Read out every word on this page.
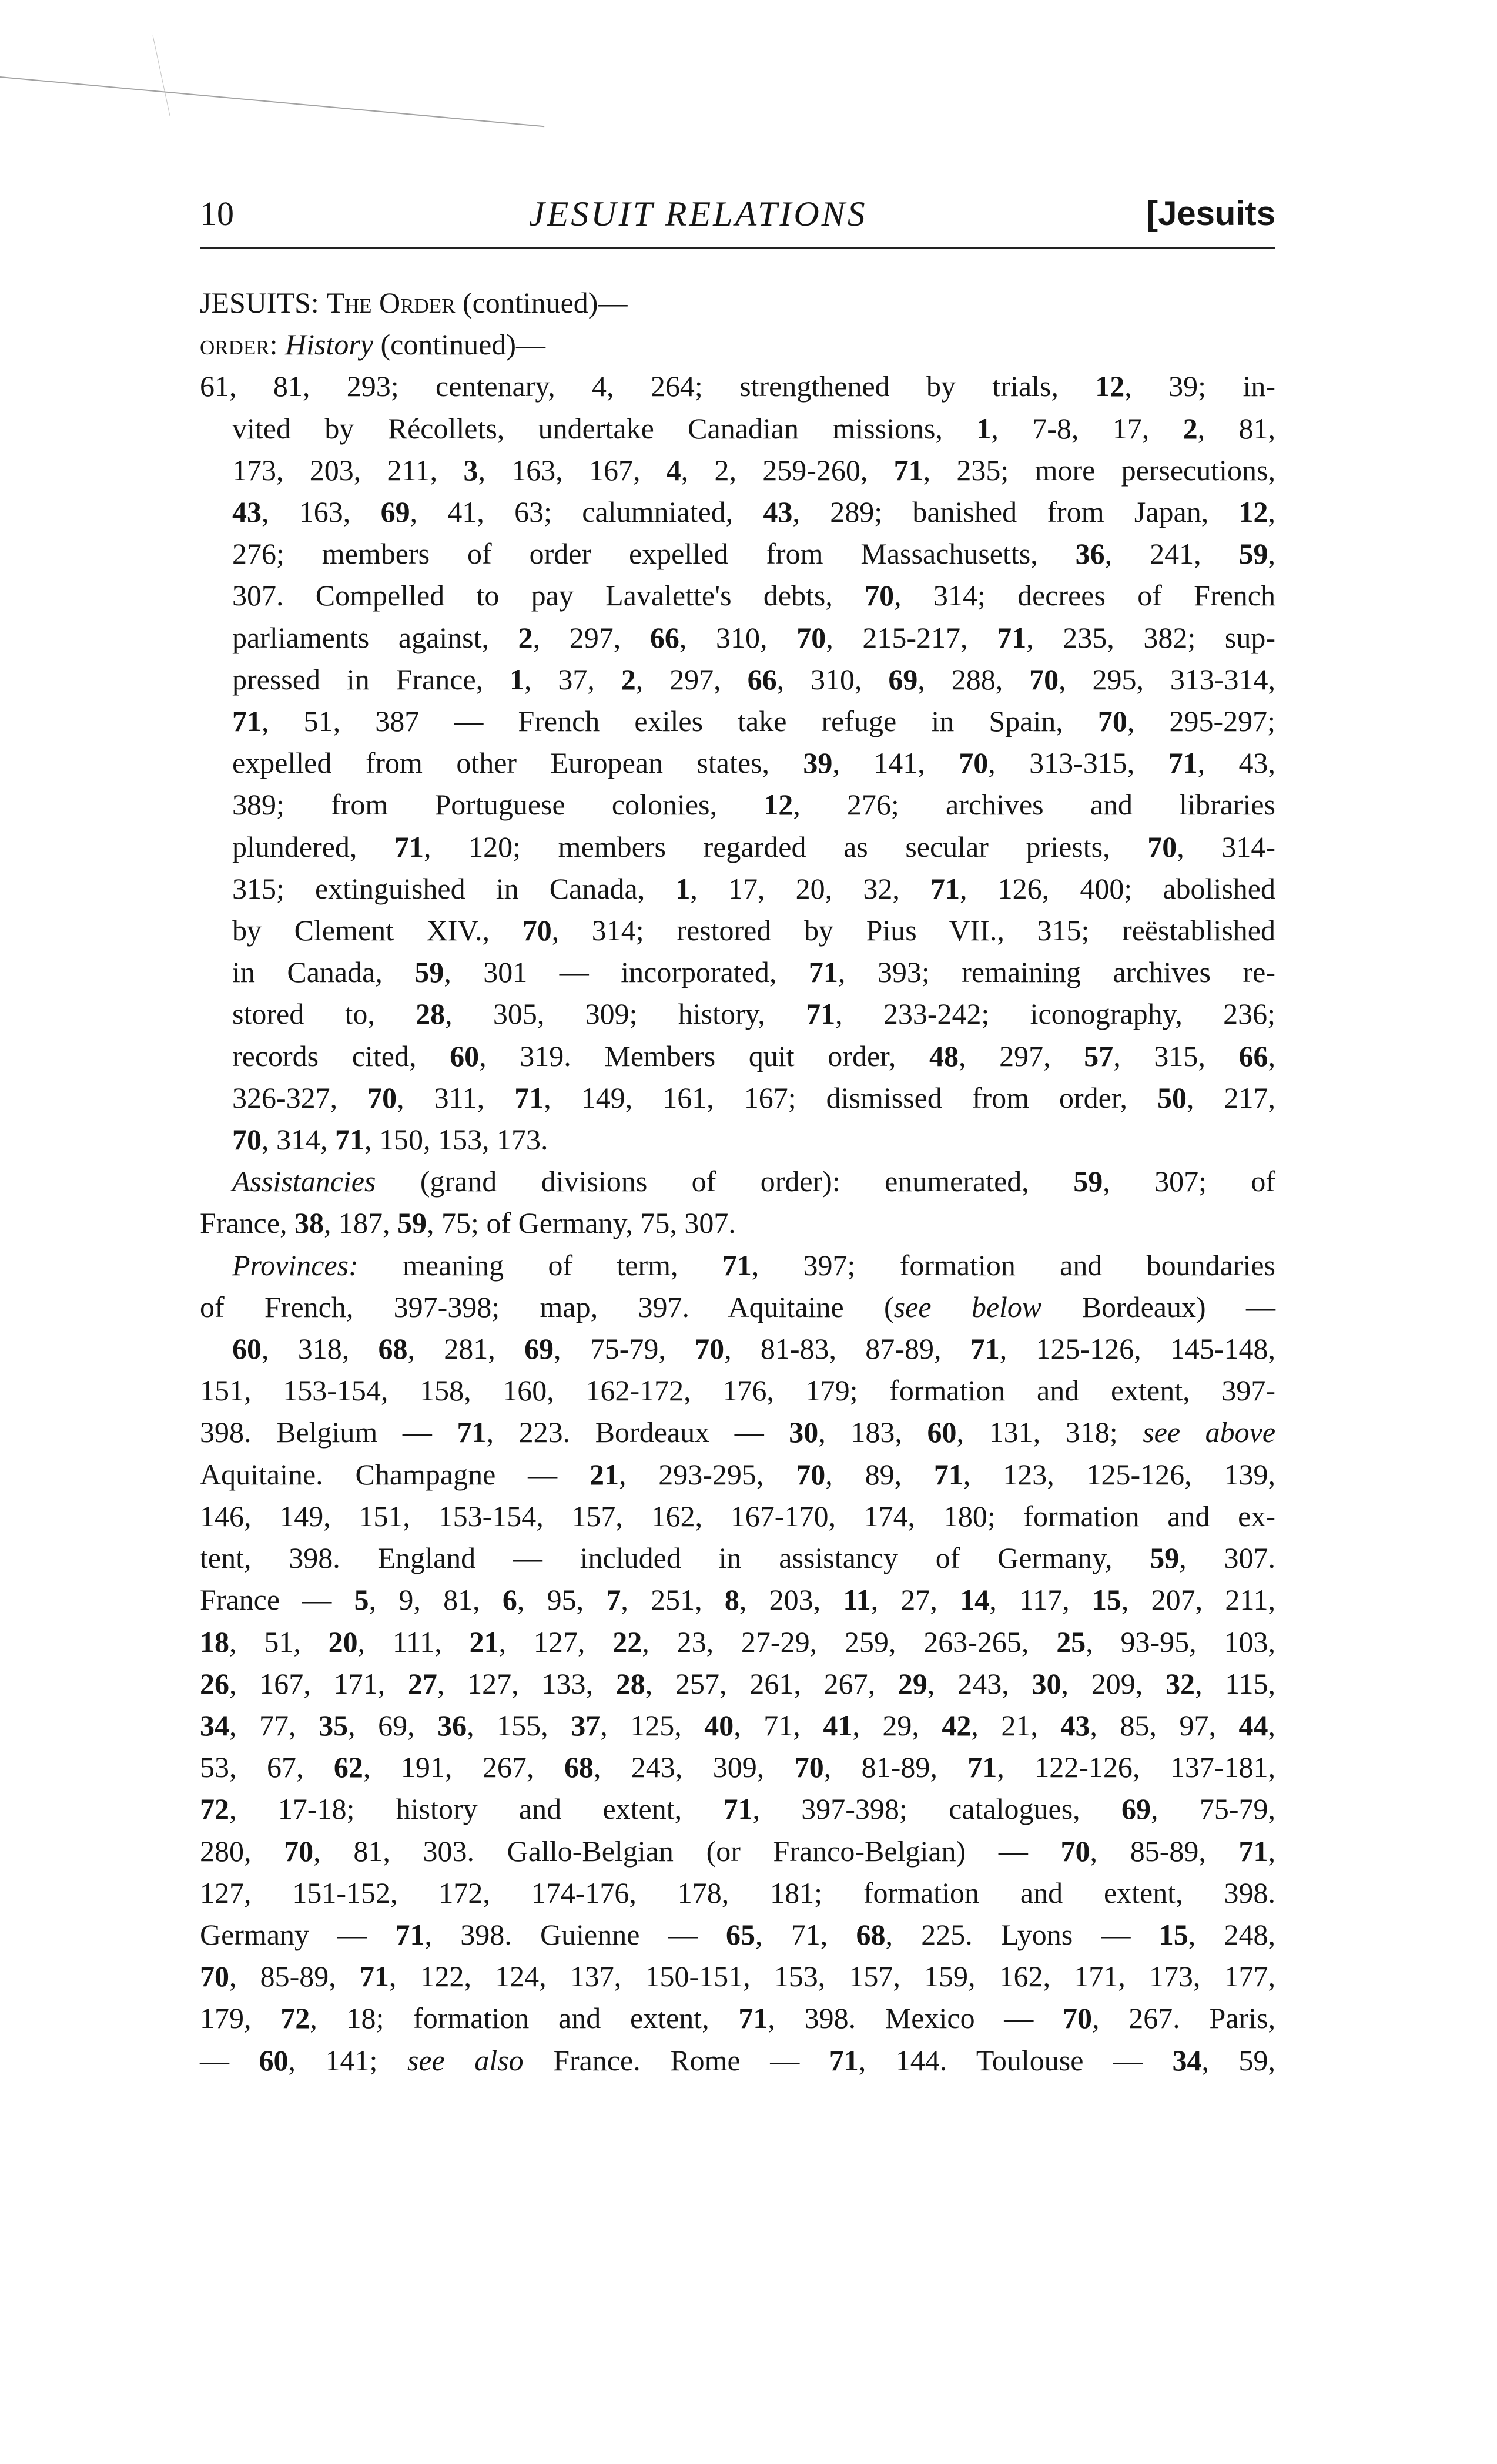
10	JESUIT RELATIONS	[Jesuits
JESUITS: The Order (continued)—
order: History (continued)—
61, 81, 293; centenary, 4, 264; strengthened by trials, 12, 39; in-
vited by Récollets, undertake Canadian missions, 1, 7-8, 17, 2, 81,
173, 203, 211, 3, 163, 167, 4, 2, 259-260, 71, 235; more persecutions,
43, 163, 69, 41, 63; calumniated, 43, 289; banished from Japan, 12,
276; members of order expelled from Massachusetts, 36, 241, 59,
307. Compelled to pay Lavalette's debts, 70, 314; decrees of French
parliaments against, 2, 297, 66, 310, 70, 215-217, 71, 235, 382; sup-
pressed in France, 1, 37, 2, 297, 66, 310, 69, 288, 70, 295, 313-314,
71, 51, 387 — French exiles take refuge in Spain, 70, 295-297;
expelled from other European states, 39, 141, 70, 313-315, 71, 43,
389; from Portuguese colonies, 12, 276; archives and libraries
plundered, 71, 120; members regarded as secular priests, 70, 314-
315; extinguished in Canada, 1, 17, 20, 32, 71, 126, 400; abolished
by Clement XIV., 70, 314; restored by Pius VII., 315; reëstablished
in Canada, 59, 301 — incorporated, 71, 393; remaining archives re-
stored to, 28, 305, 309; history, 71, 233-242; iconography, 236;
records cited, 60, 319. Members quit order, 48, 297, 57, 315, 66,
326-327, 70, 311, 71, 149, 161, 167; dismissed from order, 50, 217,
70, 314, 71, 150, 153, 173.
Assistancies (grand divisions of order): enumerated, 59, 307; of
France, 38, 187, 59, 75; of Germany, 75, 307.
Provinces: meaning of term, 71, 397; formation and boundaries
of French, 397-398; map, 397. Aquitaine (see below Bordeaux) —
60, 318, 68, 281, 69, 75-79, 70, 81-83, 87-89, 71, 125-126, 145-148,
151, 153-154, 158, 160, 162-172, 176, 179; formation and extent, 397-
398. Belgium — 71, 223. Bordeaux — 30, 183, 60, 131, 318; see above
Aquitaine. Champagne — 21, 293-295, 70, 89, 71, 123, 125-126, 139,
146, 149, 151, 153-154, 157, 162, 167-170, 174, 180; formation and ex-
tent, 398. England — included in assistancy of Germany, 59, 307.
France — 5, 9, 81, 6, 95, 7, 251, 8, 203, 11, 27, 14, 117, 15, 207, 211,
18, 51, 20, 111, 21, 127, 22, 23, 27-29, 259, 263-265, 25, 93-95, 103,
26, 167, 171, 27, 127, 133, 28, 257, 261, 267, 29, 243, 30, 209, 32, 115,
34, 77, 35, 69, 36, 155, 37, 125, 40, 71, 41, 29, 42, 21, 43, 85, 97, 44,
53, 67, 62, 191, 267, 68, 243, 309, 70, 81-89, 71, 122-126, 137-181,
72, 17-18; history and extent, 71, 397-398; catalogues, 69, 75-79,
280, 70, 81, 303. Gallo-Belgian (or Franco-Belgian) — 70, 85-89, 71,
127, 151-152, 172, 174-176, 178, 181; formation and extent, 398.
Germany — 71, 398. Guienne — 65, 71, 68, 225. Lyons — 15, 248,
70, 85-89, 71, 122, 124, 137, 150-151, 153, 157, 159, 162, 171, 173, 177,
179, 72, 18; formation and extent, 71, 398. Mexico — 70, 267. Paris,
— 60, 141; see also France. Rome — 71, 144. Toulouse — 34, 59,
